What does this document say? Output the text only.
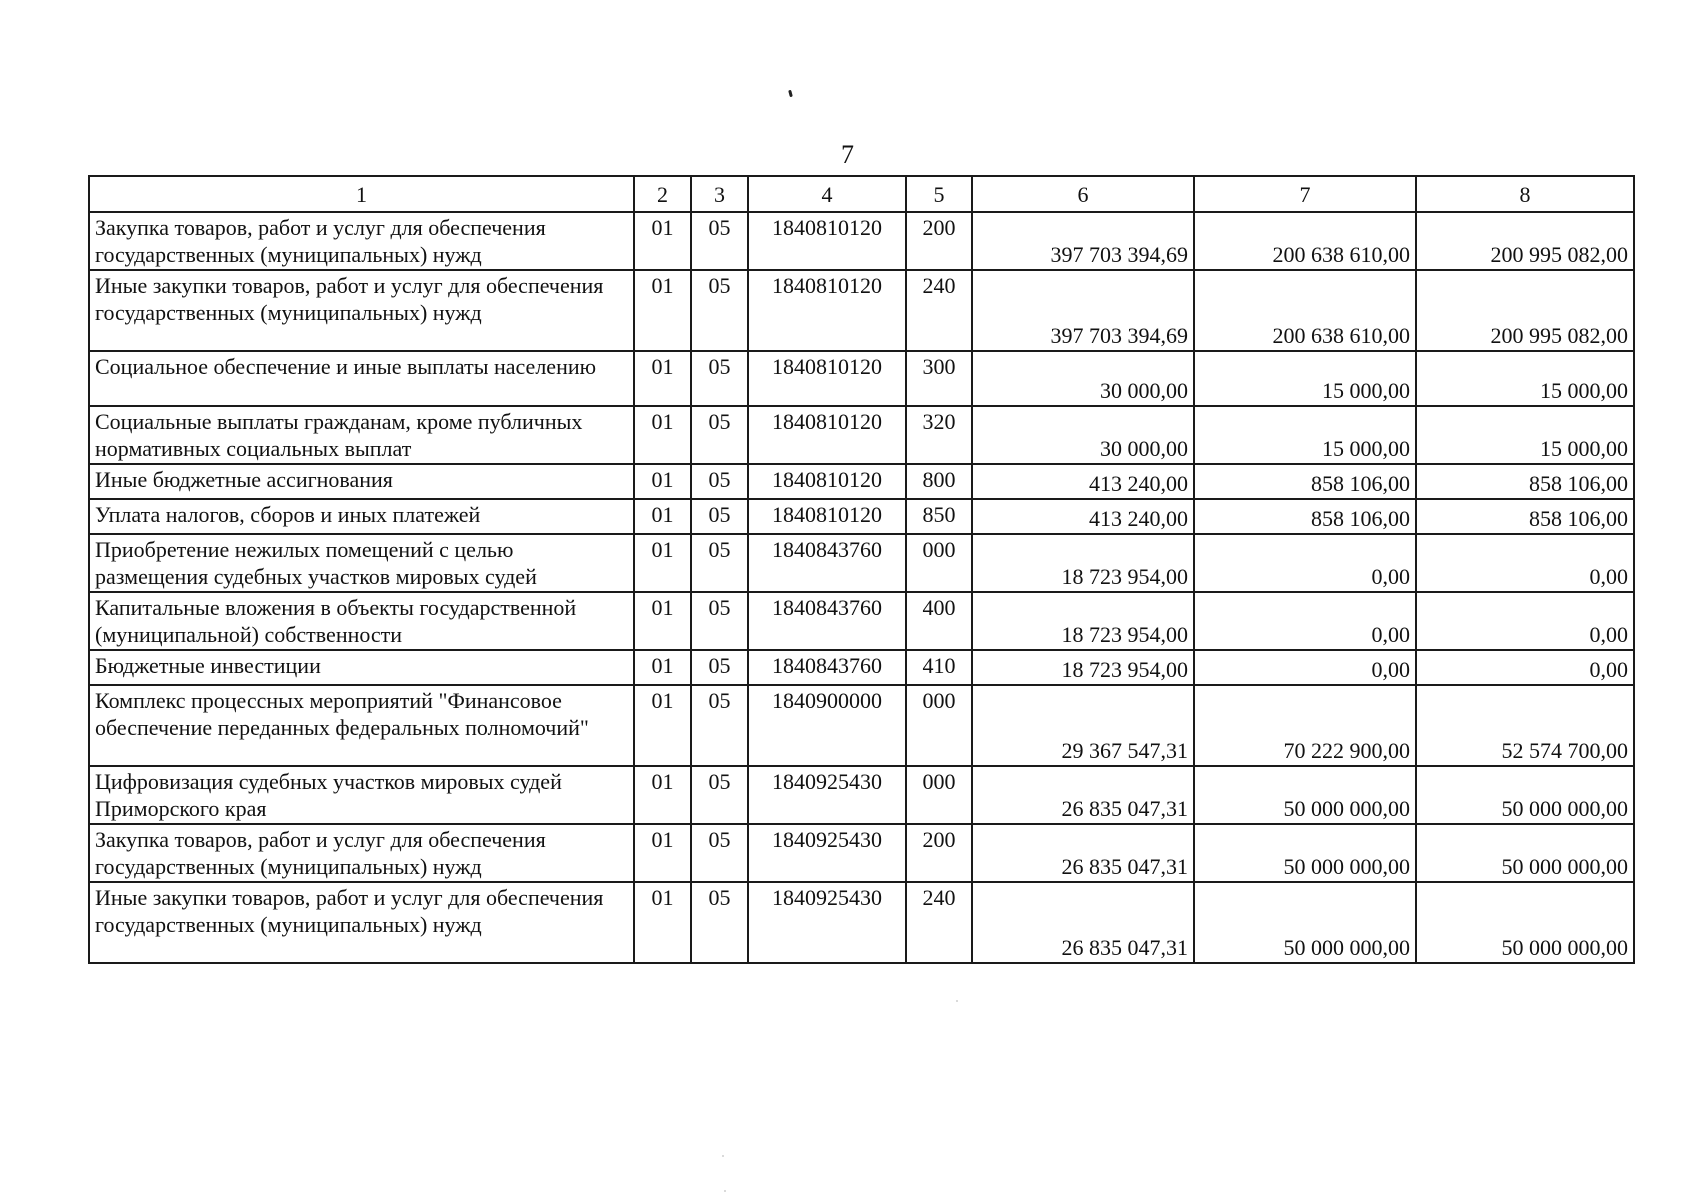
7
1	2	3	4	5	6	7	8
Закупка товаров, работ и услуг для обеспечения государственных (муниципальных) нужд	01	05	1840810120	200	397 703 394,69	200 638 610,00	200 995 082,00
Иные закупки товаров, работ и услуг для обеспечения государственных (муниципальных) нужд	01	05	1840810120	240	397 703 394,69	200 638 610,00	200 995 082,00
Социальное обеспечение и иные выплаты населению	01	05	1840810120	300	30 000,00	15 000,00	15 000,00
Социальные выплаты гражданам, кроме публичных нормативных социальных выплат	01	05	1840810120	320	30 000,00	15 000,00	15 000,00
Иные бюджетные ассигнования	01	05	1840810120	800	413 240,00	858 106,00	858 106,00
Уплата налогов, сборов и иных платежей	01	05	1840810120	850	413 240,00	858 106,00	858 106,00
Приобретение нежилых помещений с целью размещения судебных участков мировых судей	01	05	1840843760	000	18 723 954,00	0,00	0,00
Капитальные вложения в объекты государственной (муниципальной) собственности	01	05	1840843760	400	18 723 954,00	0,00	0,00
Бюджетные инвестиции	01	05	1840843760	410	18 723 954,00	0,00	0,00
Комплекс процессных мероприятий "Финансовое обеспечение переданных федеральных полномочий"	01	05	1840900000	000	29 367 547,31	70 222 900,00	52 574 700,00
Цифровизация судебных участков мировых судей Приморского края	01	05	1840925430	000	26 835 047,31	50 000 000,00	50 000 000,00
Закупка товаров, работ и услуг для обеспечения государственных (муниципальных) нужд	01	05	1840925430	200	26 835 047,31	50 000 000,00	50 000 000,00
Иные закупки товаров, работ и услуг для обеспечения государственных (муниципальных) нужд	01	05	1840925430	240	26 835 047,31	50 000 000,00	50 000 000,00
